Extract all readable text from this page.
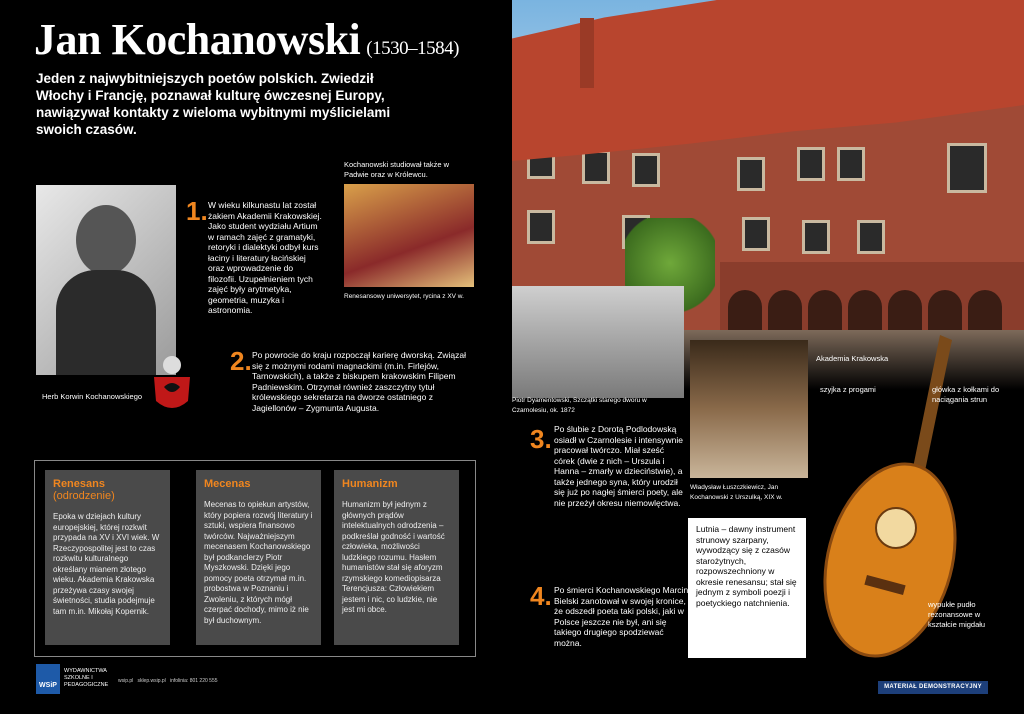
Jan Kochanowski (1530–1584)
Jeden z najwybitniejszych poetów polskich. Zwiedził Włochy i Francję, poznawał kulturę ówczesnej Europy, nawiązywał kontakty z wieloma wybitnymi myślicielami swoich czasów.
Herb Korwin Kochanowskiego
1. W wieku kilkunastu lat został żakiem Akademii Krakowskiej. Jako student wydziału Artium w ramach zajęć z gramatyki, retoryki i dialektyki odbył kurs łaciny i literatury łacińskiej oraz wprowadzenie do filozofii. Uzupełnieniem tych zajęć były arytmetyka, geometria, muzyka i astronomia.
Kochanowski studiował także w Padwie oraz w Królewcu.
Renesansowy uniwersytet, rycina z XV w.
2. Po powrocie do kraju rozpoczął karierę dworską. Związał się z możnymi rodami magnackimi (m.in. Firlejów, Tarnowskich), a także z biskupem krakowskim Filipem Padniewskim. Otrzymał również zaszczytny tytuł królewskiego sekretarza na dworze ostatniego z Jagiellonów – Zygmunta Augusta.
Piotr Dyamentowski, Szczątki starego dworu w Czarnolesiu, ok. 1872
Władysław Łuszczkiewicz, Jan Kochanowski z Urszulką, XIX w.
3. Po ślubie z Dorotą Podlodowską osiadł w Czarnolesie i intensywnie pracował twórczo. Miał sześć córek (dwie z nich – Urszula i Hanna – zmarły w dzieciństwie), a także jednego syna, który urodził się już po nagłej śmierci poety, ale nie przeżył okresu niemowlęctwa.
4. Po śmierci Kochanowskiego Marcin Bielski zanotował w swojej kronice, że odszedł poeta taki polski, jaki w Polsce jeszcze nie był, ani się takiego drugiego spodziewać można.
Akademia Krakowska
szyjka z progami	główka z kołkami do naciągania strun
wypukłe pudło rezonansowe w kształcie migdału
Lutnia – dawny instrument strunowy szarpany, wywodzący się z czasów starożytnych, rozpowszechniony w okresie renesansu; stał się jednym z symboli poezji i poetyckiego natchnienia.
Renesans
(odrodzenie)
Epoka w dziejach kultury europejskiej, której rozkwit przypada na XV i XVI wiek. W Rzeczypospolitej jest to czas rozkwitu kulturalnego określany mianem złotego wieku. Akademia Krakowska przeżywa czasy swojej świetności, studia podejmuje tam m.in. Mikołaj Kopernik.
Mecenas
Mecenas to opiekun artystów, który popiera rozwój literatury i sztuki, wspiera finansowo twórców. Najważniejszym mecenasem Kochanowskiego był podkanclerzy Piotr Myszkowski. Dzięki jego pomocy poeta otrzymał m.in. probostwa w Poznaniu i Zwoleniu, z których mógł czerpać dochody, mimo iż nie był duchownym.
Humanizm
Humanizm był jednym z głównych prądów intelektualnych odrodzenia – podkreślał godność i wartość człowieka, możliwości ludzkiego rozumu. Hasłem humanistów stał się aforyzm rzymskiego komediopisarza Terencjusza: Człowiekiem jestem i nic, co ludzkie, nie jest mi obce.
WSiP
WYDAWNICTWA SZKOLNE I PEDAGOGICZNE
wsip.pl   sklep.wsip.pl   infolinia: 801 220 555
MATERIAŁ DEMONSTRACYJNY
